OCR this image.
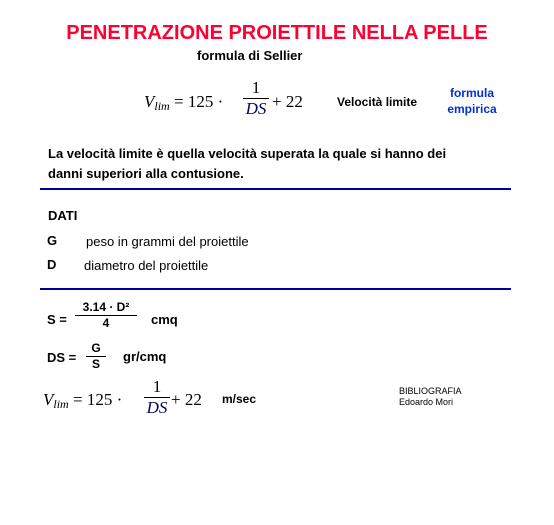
PENETRAZIONE PROIETTILE NELLA PELLE
formula di Sellier
$V_{lim} = 125$ ·
1
DS + 22	Velocità limite
formula
empirica
La velocità limite è quella velocità superata la quale si hanno dei
danni superiori alla contusione.
DATI
G peso in grammi del proiettile
D diametro del proiettile
S =
3.14 · D²
4	cmq
DS =
G
S	gr/cmq
$V_{lim} = 125$ ·
1
DS + 22 m/sec
BIBLIOGRAFIA
Edoardo Mori
